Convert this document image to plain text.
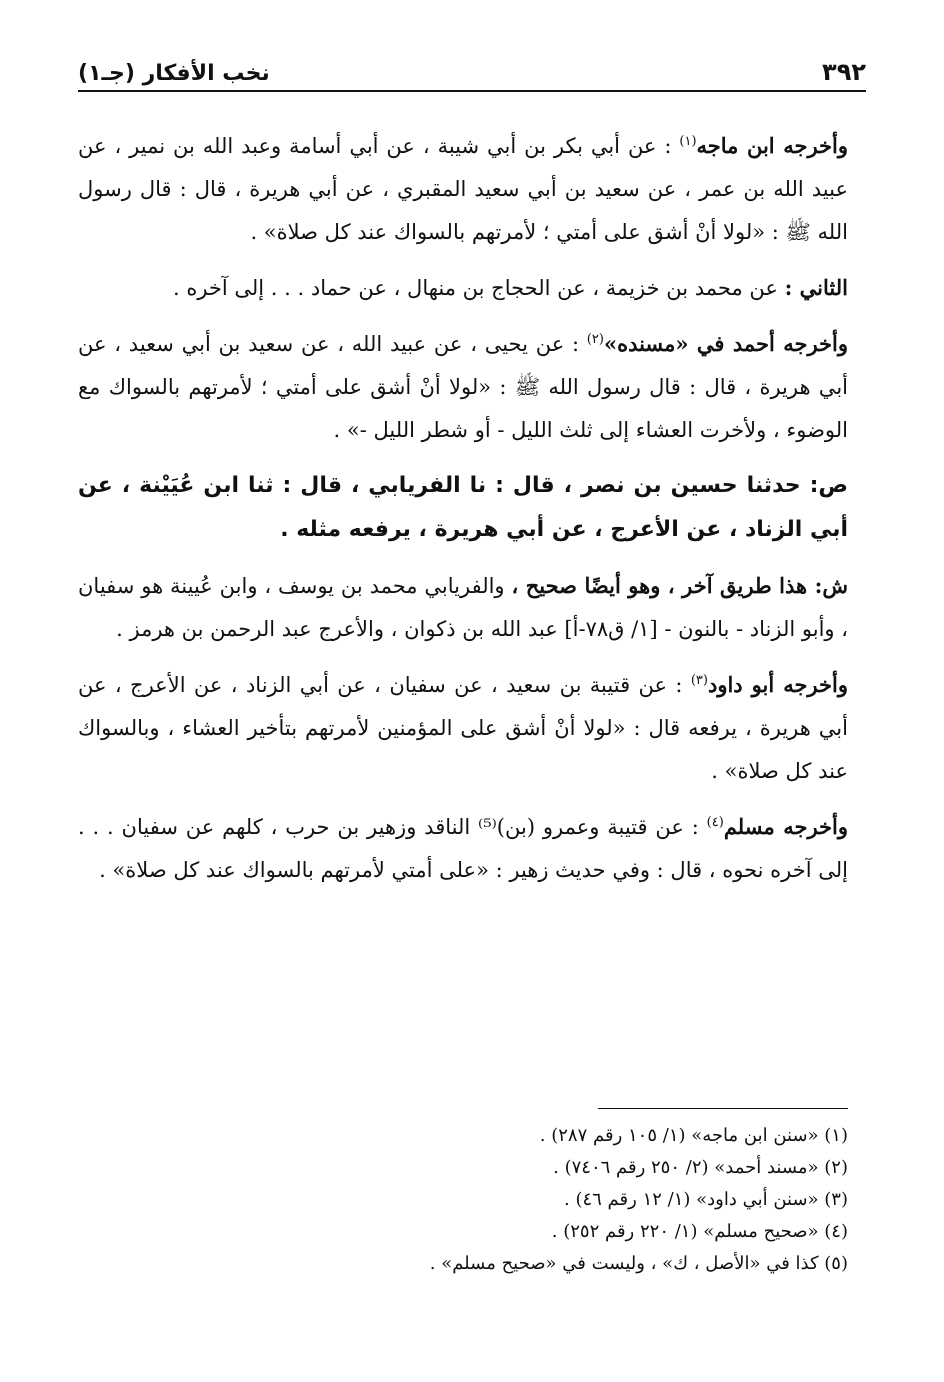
٣٩٢
نخب الأفكار (جـ١)

وأخرجه ابن ماجه$^{(١)}$ : عن أبي بكر بن أبي شيبة ، عن أبي أسامة وعبد الله بن نمير ، عن عبيد الله بن عمر ، عن سعيد بن أبي سعيد المقبري ، عن أبي هريرة ، قال : قال رسول الله ﷺ : «لولا أنْ أشق على أمتي ؛ لأمرتهم بالسواك عند كل صلاة» .

الثاني : عن محمد بن خزيمة ، عن الحجاج بن منهال ، عن حماد . . . إلى آخره .

وأخرجه أحمد في «مسنده»$^{(٢)}$ : عن يحيى ، عن عبيد الله ، عن سعيد بن أبي سعيد ، عن أبي هريرة ، قال : قال رسول الله ﷺ : «لولا أنْ أشق على أمتي ؛ لأمرتهم بالسواك مع الوضوء ، ولأخرت العشاء إلى ثلث الليل - أو شطر الليل -» .

ص: حدثنا حسين بن نصر ، قال : نا الفريابي ، قال : ثنا ابن عُيَيْنة ، عن أبي الزناد ، عن الأعرج ، عن أبي هريرة ، يرفعه مثله .

ش: هذا طريق آخر ، وهو أيضًا صحيح ، والفريابي محمد بن يوسف ، وابن عُيينة هو سفيان ، وأبو الزناد - بالنون - [١/ ق٧٨-أ] عبد الله بن ذكوان ، والأعرج عبد الرحمن بن هرمز .

وأخرجه أبو داود$^{(٣)}$ : عن قتيبة بن سعيد ، عن سفيان ، عن أبي الزناد ، عن الأعرج ، عن أبي هريرة ، يرفعه قال : «لولا أنْ أشق على المؤمنين لأمرتهم بتأخير العشاء ، وبالسواك عند كل صلاة» .

وأخرجه مسلم$^{(٤)}$ : عن قتيبة وعمرو (بن)⁽⁵⁾ الناقد وزهير بن حرب ، كلهم عن سفيان . . . إلى آخره نحوه ، قال : وفي حديث زهير : «على أمتي لأمرتهم بالسواك عند كل صلاة» .

(١) «سنن ابن ماجه» (١/ ١٠٥ رقم ٢٨٧) .

(٢) «مسند أحمد» (٢/ ٢٥٠ رقم ٧٤٠٦) .

(٣) «سنن أبي داود» (١/ ١٢ رقم ٤٦) .

(٤) «صحيح مسلم» (١/ ٢٢٠ رقم ٢٥٢) .

(٥) كذا في «الأصل ، ك» ، وليست في «صحيح مسلم» .
